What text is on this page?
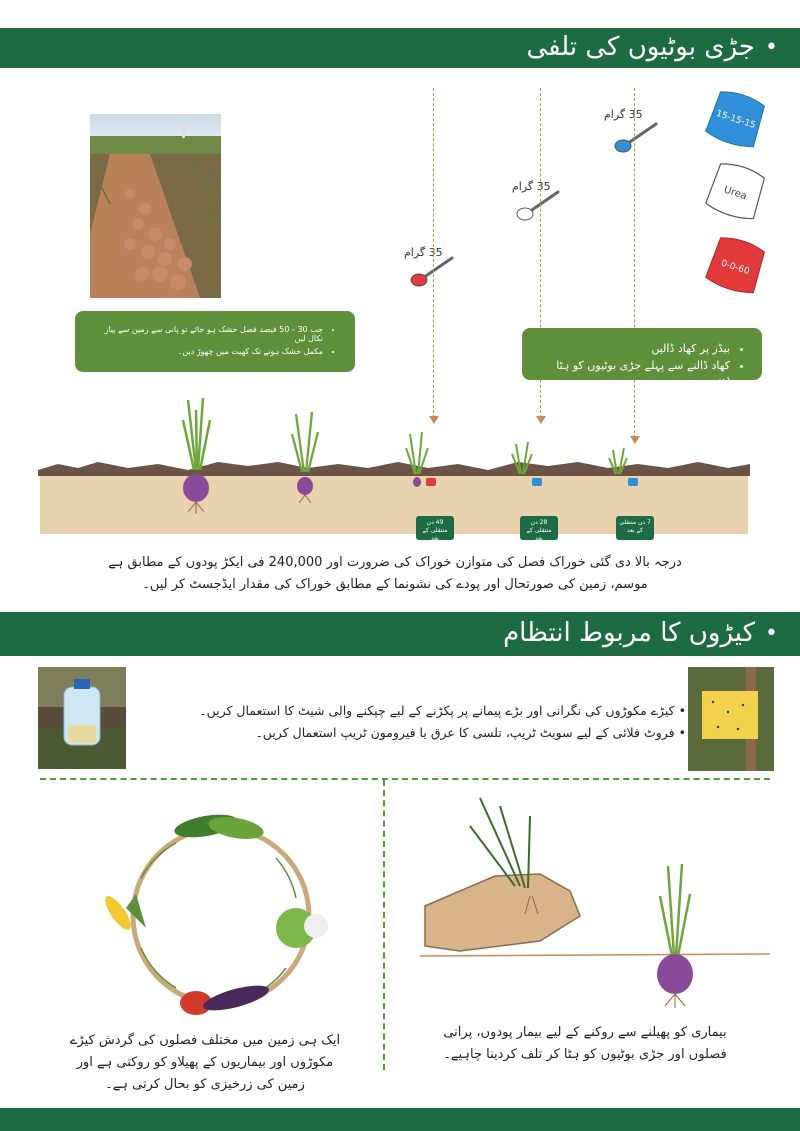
•
جڑی بوٹیوں کی تلفی
• جب 30 - 50 فیصد فصل خشک ہو جائے تو پانی سے زمین سے پیاز نکال لیں
• مکمل خشک ہونے تک کھیت میں چھوڑ دیں۔
15-15-15
Urea
0-0-60
35 گرام
35 گرام
35 گرام
• بیڈز پر کھاد ڈالیں
• کھاد ڈالنے سے پہلے جڑی بوٹیوں کو ہٹا دیں۔
49 دن منتقلی کے بعد
28 دن منتقلی کے بعد
7 دن منتقلی کے بعد
درجہ بالا دی گئی خوراک فصل کی متوازن خوراک کی ضرورت اور 240,000 فی ایکڑ پودوں کے مطابق ہے
موسم، زمین کی صورتحال اور پودے کی نشونما کے مطابق خوراک کی مقدار ایڈجسٹ کر لیں۔
•
کیڑوں کا مربوط انتظام
• کیڑے مکوڑوں کی نگرانی اور بڑے پیمانے پر پکڑنے کے لیے چپکنے والی شیٹ کا استعمال کریں۔
• فروٹ فلائی کے لیے سویٹ ٹریپ، تلسی کا عرق یا فیرومون ٹریپ استعمال کریں۔
ایک ہی زمین میں مختلف فصلوں کی گردش کیڑے
مکوڑوں اور بیماریوں کے پھیلاو کو روکتی ہے اور
زمین کی زرخیزی کو بحال کرتی ہے۔
بیماری کو پھیلنے سے روکنے کے لیے بیمار پودوں، پرانی
فصلوں اور جڑی بوٹیوں کو ہٹا کر تلف کردینا چاہیے۔
